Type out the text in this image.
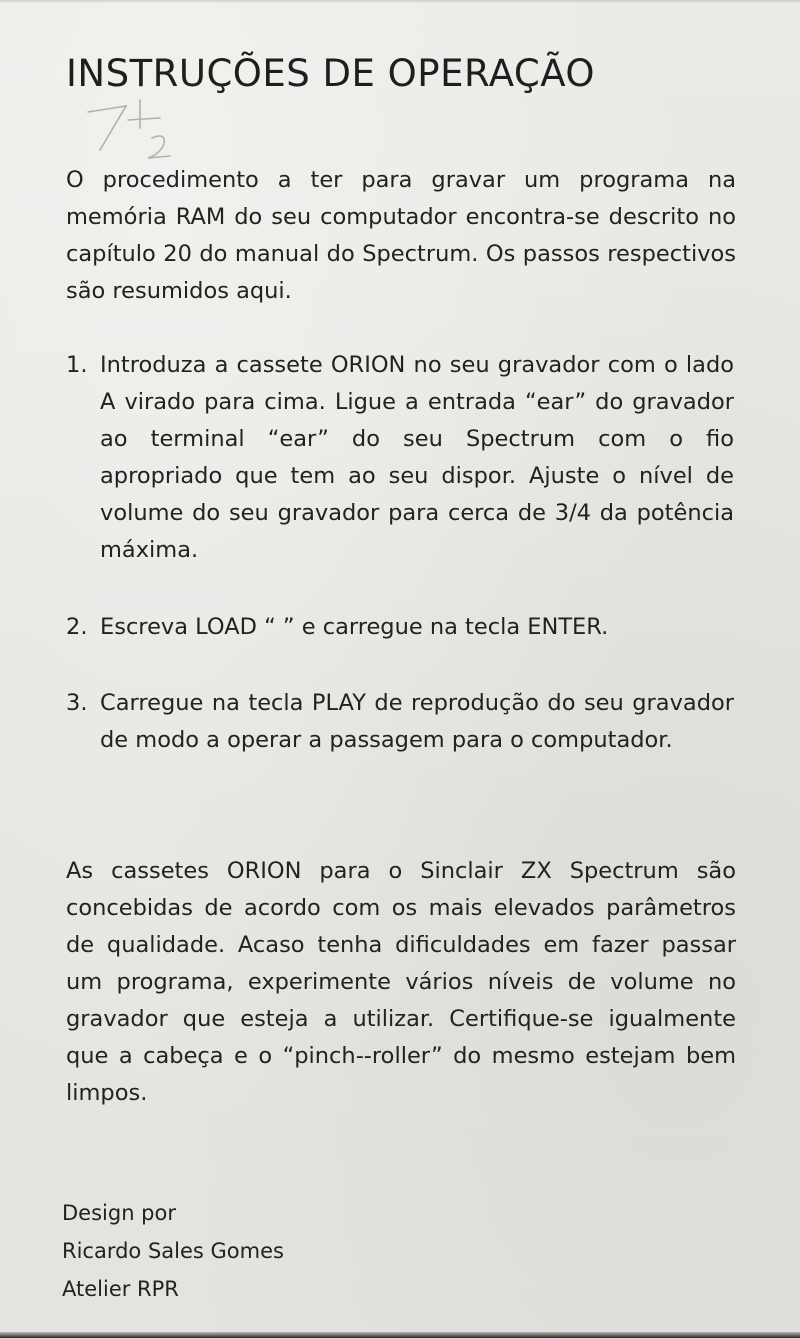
INSTRUÇÕES DE OPERAÇÃO

O procedimento a ter para gravar um programa na memória RAM do seu computador encontra-se descrito no capítulo 20 do manual do Spectrum. Os passos respectivos são resumidos aqui.

1. Introduza a cassete ORION no seu gravador com o lado A virado para cima. Ligue a entrada “ear” do gravador ao terminal “ear” do seu Spectrum com o fio apropriado que tem ao seu dispor. Ajuste o nível de volume do seu gravador para cerca de 3/4 da potência máxima.

2. Escreva LOAD “ ” e carregue na tecla ENTER.

3. Carregue na tecla PLAY de reprodução do seu gravador de modo a operar a passagem para o computador.

As cassetes ORION para o Sinclair ZX Spectrum são concebidas de acordo com os mais elevados parâmetros de qualidade. Acaso tenha dificuldades em fazer passar um programa, experimente vários níveis de volume no gravador que esteja a utilizar. Certifique-se igualmente que a cabeça e o “pinch--roller” do mesmo estejam bem limpos.

Design por
Ricardo Sales Gomes
Atelier RPR
